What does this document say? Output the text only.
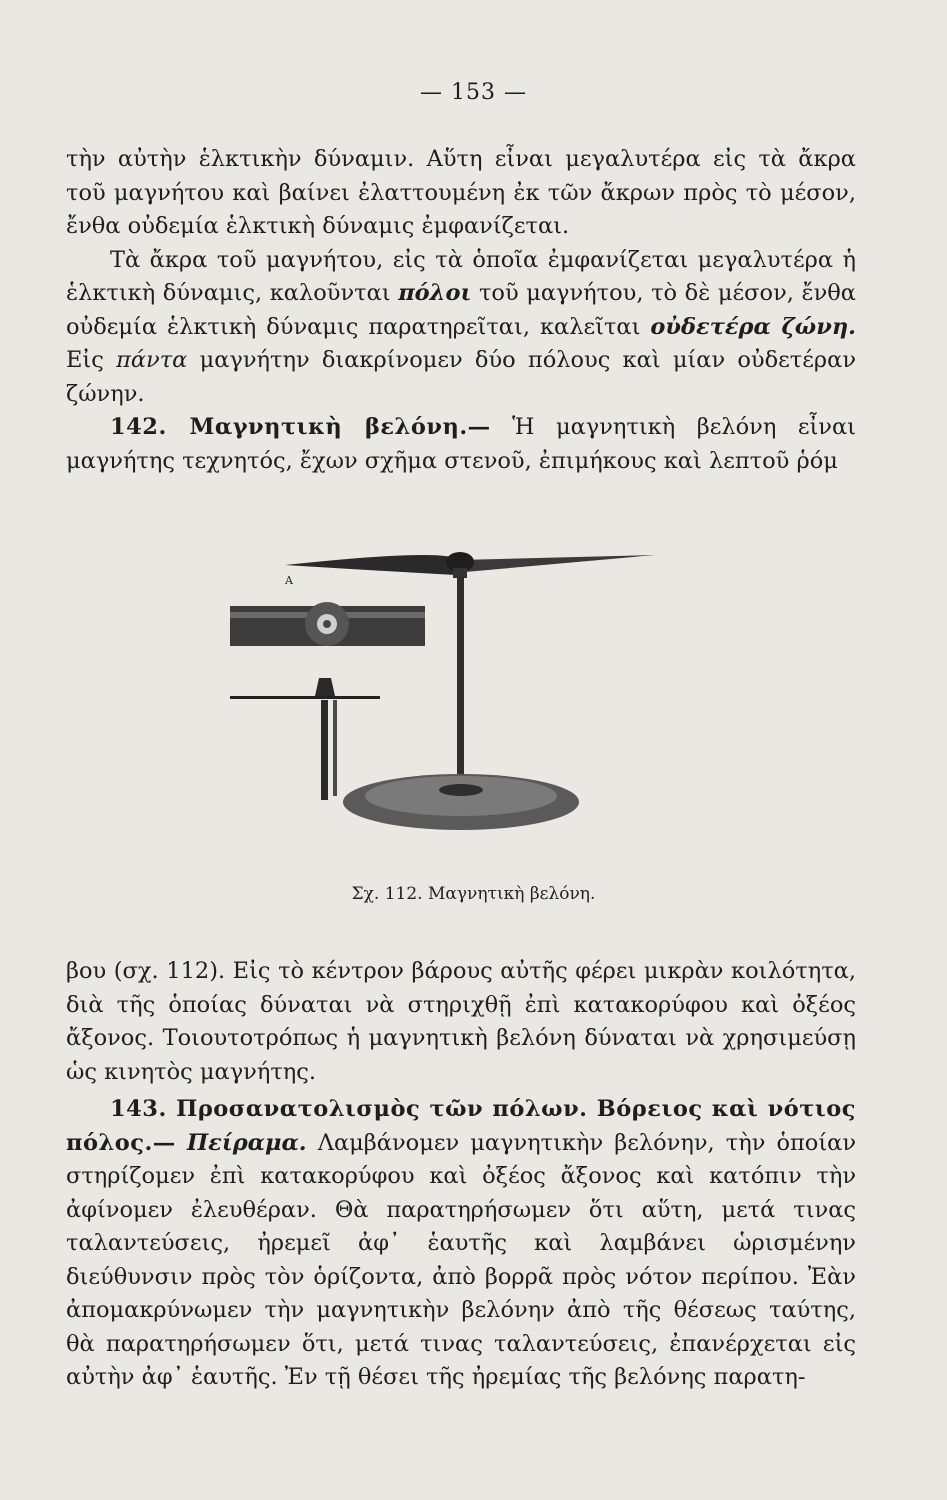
— 153 —

τὴν αὐτὴν ἑλκτικὴν δύναμιν. Αὕτη εἶναι μεγαλυτέρα εἰς τὰ ἄκρα τοῦ μαγνήτου καὶ βαίνει ἐλαττουμένη ἐκ τῶν ἄκρων πρὸς τὸ μέσον, ἔνθα οὐδεμία ἑλκτικὴ δύναμις ἐμφανίζεται.

Τὰ ἄκρα τοῦ μαγνήτου, εἰς τὰ ὁποῖα ἐμφανίζεται μεγαλυτέρα ἡ ἑλκτικὴ δύναμις, καλοῦνται πόλοι τοῦ μαγνήτου, τὸ δὲ μέσον, ἔνθα οὐδεμία ἑλκτικὴ δύναμις παρατηρεῖται, καλεῖται οὐδετέρα ζώνη. Εἰς πάντα μαγνήτην διακρίνομεν δύο πόλους καὶ μίαν οὐδετέραν ζώνην.

142. Μαγνητικὴ βελόνη.— Ἡ μαγνητικὴ βελόνη εἶναι μαγνήτης τεχνητός, ἔχων σχῆμα στενοῦ, ἐπιμήκους καὶ λεπτοῦ ῥόμ

A
Σχ. 112. Μαγνητικὴ βελόνη.

βου (σχ. 112). Εἰς τὸ κέντρον βάρους αὐτῆς φέρει μικρὰν κοιλότητα, διὰ τῆς ὁποίας δύναται νὰ στηριχθῇ ἐπὶ κατακορύφου καὶ ὀξέος ἄξονος. Τοιουτοτρόπως ἡ μαγνητικὴ βελόνη δύναται νὰ χρησιμεύσῃ ὡς κινητὸς μαγνήτης.

143. Προσανατολισμὸς τῶν πόλων. Βόρειος καὶ νότιος πόλος.— Πείραμα. Λαμβάνομεν μαγνητικὴν βελόνην, τὴν ὁποίαν στηρίζομεν ἐπὶ κατακορύφου καὶ ὀξέος ἄξονος καὶ κατόπιν τὴν ἀφίνομεν ἐλευθέραν. Θὰ παρατηρήσωμεν ὅτι αὕτη, μετά τινας ταλαντεύσεις, ἠρεμεῖ ἀφ᾽ ἑαυτῆς καὶ λαμβάνει ὡρισμένην διεύθυνσιν πρὸς τὸν ὁρίζοντα, ἀπὸ βορρᾶ πρὸς νότον περίπου. Ἐὰν ἀπομακρύνωμεν τὴν μαγνητικὴν βελόνην ἀπὸ τῆς θέσεως ταύτης, θὰ παρατηρήσωμεν ὅτι, μετά τινας ταλαντεύσεις, ἐπανέρχεται εἰς αὐτὴν ἀφ᾽ ἑαυτῆς. Ἐν τῇ θέσει τῆς ἠρεμίας τῆς βελόνης παρατη-
